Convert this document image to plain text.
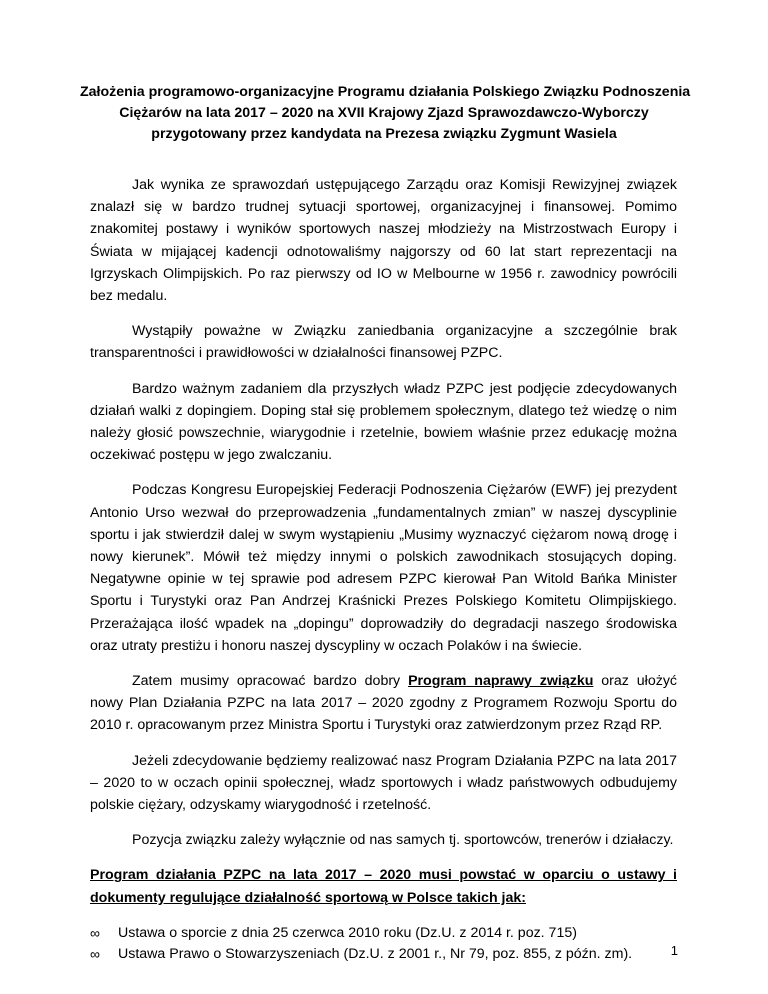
Założenia programowo-organizacyjne Programu działania Polskiego Związku Podnoszenia
Ciężarów na lata 2017 – 2020 na XVII Krajowy Zjazd Sprawozdawczo-Wyborczy
przygotowany przez kandydata na Prezesa związku Zygmunt Wasiela

Jak wynika ze sprawozdań ustępującego Zarządu oraz Komisji Rewizyjnej związek znalazł się w bardzo trudnej sytuacji sportowej, organizacyjnej i finansowej. Pomimo znakomitej postawy i wyników sportowych naszej młodzieży na Mistrzostwach Europy i Świata w mijającej kadencji odnotowaliśmy najgorszy od 60 lat start reprezentacji na Igrzyskach Olimpijskich. Po raz pierwszy od IO w Melbourne w 1956 r. zawodnicy powrócili bez medalu.

Wystąpiły poważne w Związku zaniedbania organizacyjne a szczególnie brak transparentności i prawidłowości w działalności finansowej PZPC.

Bardzo ważnym zadaniem dla przyszłych władz PZPC jest podjęcie zdecydowanych działań walki z dopingiem. Doping stał się problemem społecznym, dlatego też wiedzę o nim należy głosić powszechnie, wiarygodnie i rzetelnie, bowiem właśnie przez edukację można oczekiwać postępu w jego zwalczaniu.

Podczas Kongresu Europejskiej Federacji Podnoszenia Ciężarów (EWF) jej prezydent Antonio Urso wezwał do przeprowadzenia „fundamentalnych zmian” w naszej dyscyplinie sportu i jak stwierdził dalej w swym wystąpieniu „Musimy wyznaczyć ciężarom nową drogę i nowy kierunek”. Mówił też między innymi o polskich zawodnikach stosujących doping. Negatywne opinie w tej sprawie pod adresem PZPC kierował Pan Witold Bańka Minister Sportu i Turystyki oraz Pan Andrzej Kraśnicki Prezes Polskiego Komitetu Olimpijskiego. Przerażająca ilość wpadek na „dopingu” doprowadziły do degradacji naszego środowiska oraz utraty prestiżu i honoru naszej dyscypliny w oczach Polaków i na świecie.

Zatem musimy opracować bardzo dobry Program naprawy związku oraz ułożyć nowy Plan Działania PZPC na lata 2017 – 2020 zgodny z Programem Rozwoju Sportu do 2010 r. opracowanym przez Ministra Sportu i Turystyki oraz zatwierdzonym przez Rząd RP.

Jeżeli zdecydowanie będziemy realizować nasz Program Działania PZPC na lata 2017 – 2020 to w oczach opinii społecznej, władz sportowych i władz państwowych odbudujemy polskie ciężary, odzyskamy wiarygodność i rzetelność.

Pozycja związku zależy wyłącznie od nas samych tj. sportowców, trenerów i działaczy.

Program działania PZPC na lata 2017 – 2020 musi powstać w oparciu o ustawy i dokumenty regulujące działalność sportową w Polsce takich jak:
∞ Ustawa o sporcie z dnia 25 czerwca 2010 roku (Dz.U. z 2014 r. poz. 715)
∞ Ustawa Prawo o Stowarzyszeniach (Dz.U. z 2001 r., Nr 79, poz. 855, z późn. zm).	1
